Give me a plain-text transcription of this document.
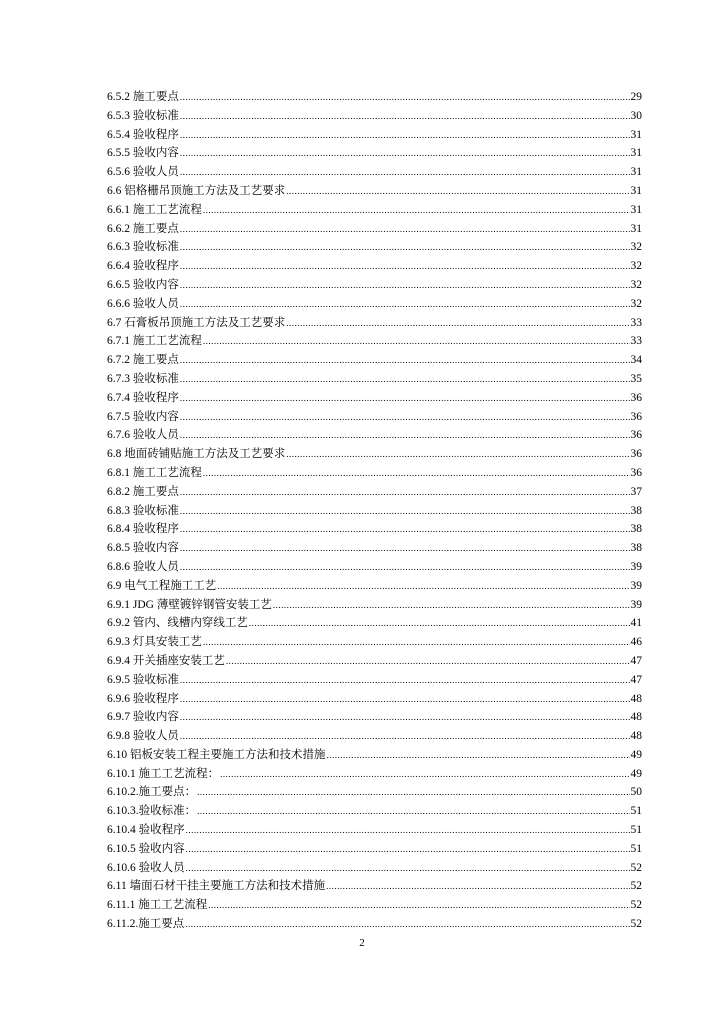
6.5.2 施工要点 .....	29
6.5.3 验收标准 .....	30
6.5.4 验收程序 .....	31
6.5.5 验收内容 .....	31
6.5.6 验收人员 .....	31
6.6 铝格栅吊顶施工方法及工艺要求 .....	31
6.6.1 施工工艺流程 .....	31
6.6.2 施工要点 .....	31
6.6.3 验收标准 .....	32
6.6.4 验收程序 .....	32
6.6.5 验收内容 .....	32
6.6.6 验收人员 .....	32
6.7 石膏板吊顶施工方法及工艺要求 .....	33
6.7.1 施工工艺流程 .....	33
6.7.2 施工要点 .....	34
6.7.3 验收标准 .....	35
6.7.4 验收程序 .....	36
6.7.5 验收内容 .....	36
6.7.6 验收人员 .....	36
6.8 地面砖铺贴施工方法及工艺要求 .....	36
6.8.1 施工工艺流程 .....	36
6.8.2 施工要点 .....	37
6.8.3 验收标准 .....	38
6.8.4 验收程序 .....	38
6.8.5 验收内容 .....	38
6.8.6 验收人员 .....	39
6.9 电气工程施工工艺 .....	39
6.9.1 JDG 薄壁镀锌钢管安装工艺 .....	39
6.9.2 管内、线槽内穿线工艺 .....	41
6.9.3 灯具安装工艺 .....	46
6.9.4 开关插座安装工艺 .....	47
6.9.5 验收标准 .....	47
6.9.6 验收程序 .....	48
6.9.7 验收内容 .....	48
6.9.8 验收人员 .....	48
6.10 铝板安装工程主要施工方法和技术措施 .....	49
6.10.1 施工工艺流程： .....	49
6.10.2.施工要点： .....	50
6.10.3.验收标准： .....	51
6.10.4 验收程序 .....	51
6.10.5 验收内容 .....	51
6.10.6 验收人员 .....	52
6.11 墙面石材干挂主要施工方法和技术措施 .....	52
6.11.1 施工工艺流程 .....	52
6.11.2.施工要点 .....	52
2
